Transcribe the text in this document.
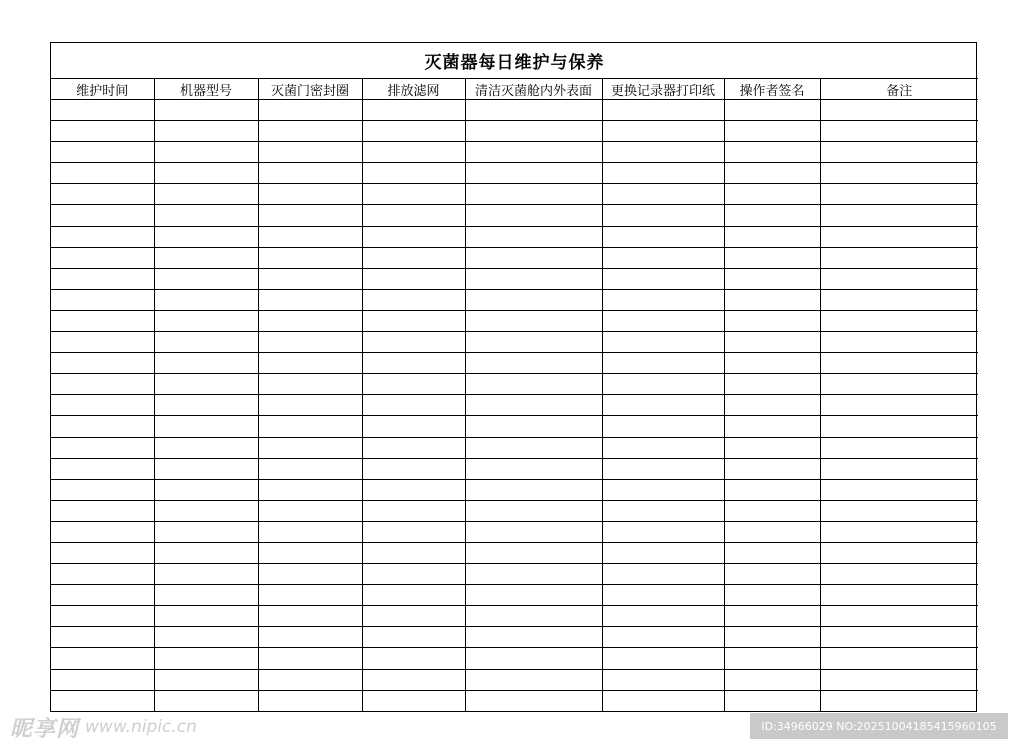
灭菌器每日维护与保养							
维护时间	机器型号	灭菌门密封圈	排放滤网	清洁灭菌舱内外表面	更换记录器打印纸	操作者签名	备注

昵享网 www.nipic.cn	ID:34966029 NO:20251004185415960105
